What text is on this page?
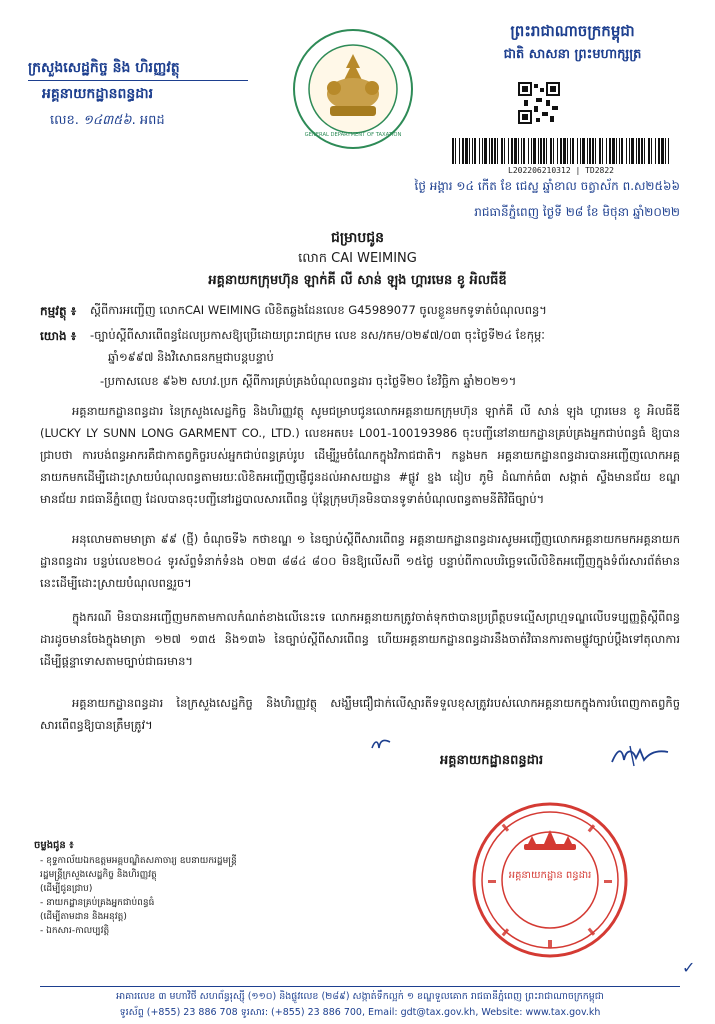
ក្រសួងសេដ្ឋកិច្ច និង ហិរញ្ញវត្ថុ
អគ្គនាយកដ្ឋានពន្ធដារ
លេខ. ១៤៣៥៦. អពដ
GENERAL DEPARTMENT OF TAXATION
ព្រះរាជាណាចក្រកម្ពុជា
ជាតិ សាសនា ព្រះមហាក្សត្រ
L202206210312 | TD2822
ថ្ងៃ អង្គារ ១៤ កើត ខែ ជេស្ឋ ឆ្នាំខាល ចត្វាស័ក ព.ស២៥៦៦
រាជធានីភ្នំពេញ ថ្ងៃទី ២៨ ខែ មិថុនា ឆ្នាំ២០២២
ជម្រាបជូន
លោក CAI WEIMING
អគ្គនាយកក្រុមហ៊ុន ឡាក់គី លី សាន់ ឡុង ហ្គារមេន ខូ អិលធីឌី
កម្មវត្ថុ ៖ ស្តីពីការអញ្ជើញ លោកCAI WEIMING លិខិតឆ្លងដែនលេខ G45989077 ចូលខ្លួនមកទូទាត់បំណុលពន្ធ។
យោង ៖ -ច្បាប់ស្តីពីសារពើពន្ធដែលប្រកាសឱ្យប្រើដោយព្រះរាជក្រម លេខ នស/រកម/០២៩៧/០៣ ចុះថ្ងៃទី២៤ ខែកុម្ភៈ
ឆ្នាំ១៩៩៧ និងវិសោធនកម្មជាបន្តបន្ទាប់
-ប្រកាសលេខ ៩៦២ សហវ.ប្រក ស្តីពីការគ្រប់គ្រងបំណុលពន្ធដារ ចុះថ្ងៃទី២០ ខែវិច្ឆិកា ឆ្នាំ២០២១។
អគ្គនាយកដ្ឋានពន្ធដារ នៃក្រសួងសេដ្ឋកិច្ច និងហិរញ្ញវត្ថុ សូមជម្រាបជូនលោកអគ្គនាយកក្រុមហ៊ុន ឡាក់គី លី សាន់ ឡុង ហ្គារមេន ខូ អិលធីឌី (LUCKY LY SUNN LONG GARMENT CO., LTD.) លេខអតប៖ L001-100193986 ចុះបញ្ជីនៅនាយកដ្ឋានគ្រប់គ្រងអ្នកជាប់ពន្ធធំ ឱ្យបានជ្រាបថា ការបង់ពន្ធអាករគឺជាកាតព្វកិច្ចរបស់អ្នកជាប់ពន្ធគ្រប់រូប ដើម្បីរួមចំណែកក្នុងវិភាជជាតិ។ កន្លងមក អគ្គនាយកដ្ឋានពន្ធដារបានអញ្ជើញលោកអគ្គនាយកមកដើម្បីដោះស្រាយបំណុលពន្ធតាមរយៈលិខិតអញ្ជើញផ្ញើជូនដល់អាសយដ្ឋាន #ផ្លូវ ខ្នង ដៀប ភូមិ ដំណាក់ធំ៣ សង្កាត់ ស្ទឹងមានជ័យ ខណ្ឌ មានជ័យ រាជធានីភ្នំពេញ ដែលបានចុះបញ្ជីនៅរដ្ឋបាលសារពើពន្ធ ប៉ុន្តែក្រុមហ៊ុនមិនបានទូទាត់បំណុលពន្ធតាមនីតិវិធីច្បាប់។
អនុលោមតាមមាត្រា ៩៩ (ថ្មី) ចំណុចទី៦ កថាខណ្ឌ ១ នៃច្បាប់ស្តីពីសារពើពន្ធ អគ្គនាយកដ្ឋានពន្ធដារសូមអញ្ជើញលោកអគ្គនាយកមកអគ្គនាយកដ្ឋានពន្ធដារ បន្ទប់លេខ២០៤ ទូរស័ព្ទទំនាក់ទំនង ០២៣ ៨៨៤ ៨០០ មិនឱ្យលើសពី ១៥ថ្ងៃ បន្ទាប់ពីកាលបរិច្ឆេទលើលិខិតអញ្ជើញក្នុងទំព័រសារព័ត៌មាននេះដើម្បីដោះស្រាយបំណុលពន្ធរួច។
ក្នុងករណី មិនបានអញ្ជើញមកតាមកាលកំណត់ខាងលើនេះទេ លោកអគ្គនាយកត្រូវចាត់ទុកថាបានប្រព្រឹត្តបទល្មើសព្រហ្មទណ្ឌលើបទប្បញ្ញត្តិស្តីពីពន្ធដារដូចមានចែងក្នុងមាត្រា ១២៧ ១៣៥ និង១៣៦ នៃច្បាប់ស្តីពីសារពើពន្ធ ហើយអគ្គនាយកដ្ឋានពន្ធដារនឹងចាត់វិធានការតាមផ្លូវច្បាប់ប្តឹងទៅតុលាការដើម្បីផ្តន្ទាទោសតាមច្បាប់ជាធរមាន។
អគ្គនាយកដ្ឋានពន្ធដារ នៃក្រសួងសេដ្ឋកិច្ច និងហិរញ្ញវត្ថុ សង្ឃឹមជឿជាក់លើស្មារតីទទួលខុសត្រូវរបស់លោកអគ្គនាយកក្នុងការបំពេញកាតព្វកិច្ចសារពើពន្ធឱ្យបានត្រឹមត្រូវ។
អគ្គនាយកដ្ឋានពន្ធដារ
ចម្លងជូន ៖
- ខុទ្ទកាល័យឯកឧត្តមអគ្គបណ្ឌិតសភាចារ្យ ឧបនាយករដ្ឋមន្ត្រី
រដ្ឋមន្ត្រីក្រសួងសេដ្ឋកិច្ច និងហិរញ្ញវត្ថុ
(ដើម្បីជូនជ្រាប)
- នាយកដ្ឋានគ្រប់គ្រងអ្នកជាប់ពន្ធធំ
(ដើម្បីតាមដាន និងអនុវត្ត)
- ឯកសារ-កាលប្បវត្តិ
អគ្គនាយកដ្ឋាន ពន្ធដារ
✓
អាគារលេខ ៣ មហាវិថី សហព័ន្ធរុស្ស៊ី (១១០) និងផ្លូវលេខ (២៨៩) សង្កាត់ទឹកល្អក់ ១ ខណ្ឌទួលគោក រាជធានីភ្នំពេញ ព្រះរាជាណាចក្រកម្ពុជា
ទូរស័ព្ទ (+855) 23 886 708 ទូរសារ: (+855) 23 886 700, Email: gdt@tax.gov.kh, Website: www.tax.gov.kh
